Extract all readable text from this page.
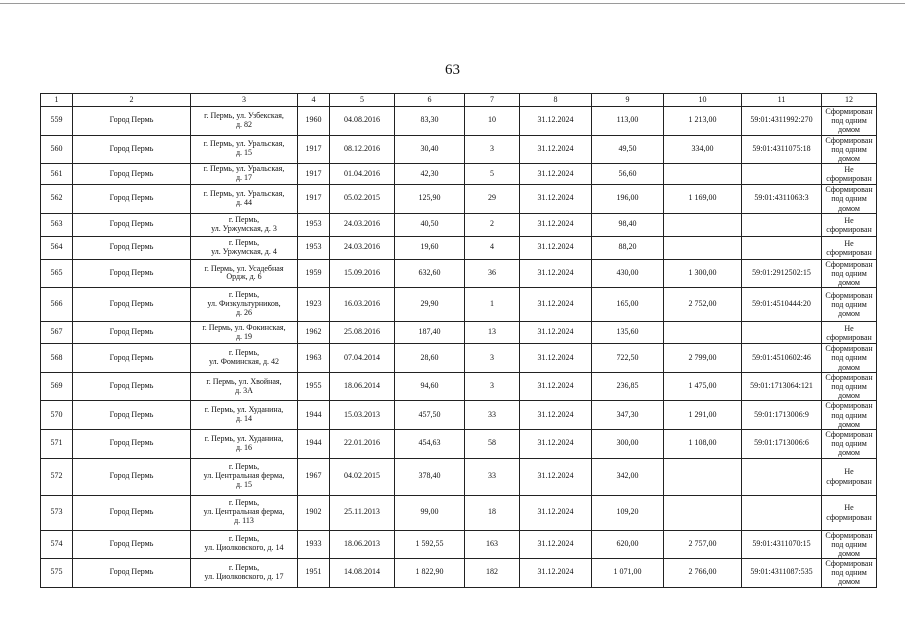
63
1	2	3	4	5	6	7	8	9	10	11	12
559	Город Пермь	г. Пермь, ул. Узбекская,
д. 82	1960	04.08.2016	83,30	10	31.12.2024	113,00	1 213,00	59:01:4311992:270	Сформирован под одним домом
560	Город Пермь	г. Пермь, ул. Уральская,
д. 15	1917	08.12.2016	30,40	3	31.12.2024	49,50	334,00	59:01:4311075:18	Сформирован под одним домом
561	Город Пермь	г. Пермь, ул. Уральская,
д. 17	1917	01.04.2016	42,30	5	31.12.2024	56,60			Не сформирован
562	Город Пермь	г. Пермь, ул. Уральская,
д. 44	1917	05.02.2015	125,90	29	31.12.2024	196,00	1 169,00	59:01:4311063:3	Сформирован под одним домом
563	Город Пермь	г. Пермь,
ул. Уржумская, д. 3	1953	24.03.2016	40,50	2	31.12.2024	98,40			Не сформирован
564	Город Пермь	г. Пермь,
ул. Уржумская, д. 4	1953	24.03.2016	19,60	4	31.12.2024	88,20			Не сформирован
565	Город Пермь	г. Пермь, ул. Усадебная
Ордж, д. 6	1959	15.09.2016	632,60	36	31.12.2024	430,00	1 300,00	59:01:2912502:15	Сформирован под одним домом
566	Город Пермь	г. Пермь,
ул. Физкультурников,
д. 26	1923	16.03.2016	29,90	1	31.12.2024	165,00	2 752,00	59:01:4510444:20	Сформирован под одним домом
567	Город Пермь	г. Пермь, ул. Фокинская,
д. 19	1962	25.08.2016	187,40	13	31.12.2024	135,60			Не сформирован
568	Город Пермь	г. Пермь,
ул. Фоминская, д. 42	1963	07.04.2014	28,60	3	31.12.2024	722,50	2 799,00	59:01:4510602:46	Сформирован под одним домом
569	Город Пермь	г. Пермь, ул. Хвойная,
д. 3А	1955	18.06.2014	94,60	3	31.12.2024	236,85	1 475,00	59:01:1713064:121	Сформирован под одним домом
570	Город Пермь	г. Пермь, ул. Худанина,
д. 14	1944	15.03.2013	457,50	33	31.12.2024	347,30	1 291,00	59:01:1713006:9	Сформирован под одним домом
571	Город Пермь	г. Пермь, ул. Худанина,
д. 16	1944	22.01.2016	454,63	58	31.12.2024	300,00	1 108,00	59:01:1713006:6	Сформирован под одним домом
572	Город Пермь	г. Пермь,
ул. Центральная ферма,
д. 15	1967	04.02.2015	378,40	33	31.12.2024	342,00			Не сформирован
573	Город Пермь	г. Пермь,
ул. Центральная ферма,
д. 113	1902	25.11.2013	99,00	18	31.12.2024	109,20			Не сформирован
574	Город Пермь	г. Пермь,
ул. Циолковского, д. 14	1933	18.06.2013	1 592,55	163	31.12.2024	620,00	2 757,00	59:01:4311070:15	Сформирован под одним домом
575	Город Пермь	г. Пермь,
ул. Циолковского, д. 17	1951	14.08.2014	1 822,90	182	31.12.2024	1 071,00	2 766,00	59:01:4311087:535	Сформирован под одним домом
